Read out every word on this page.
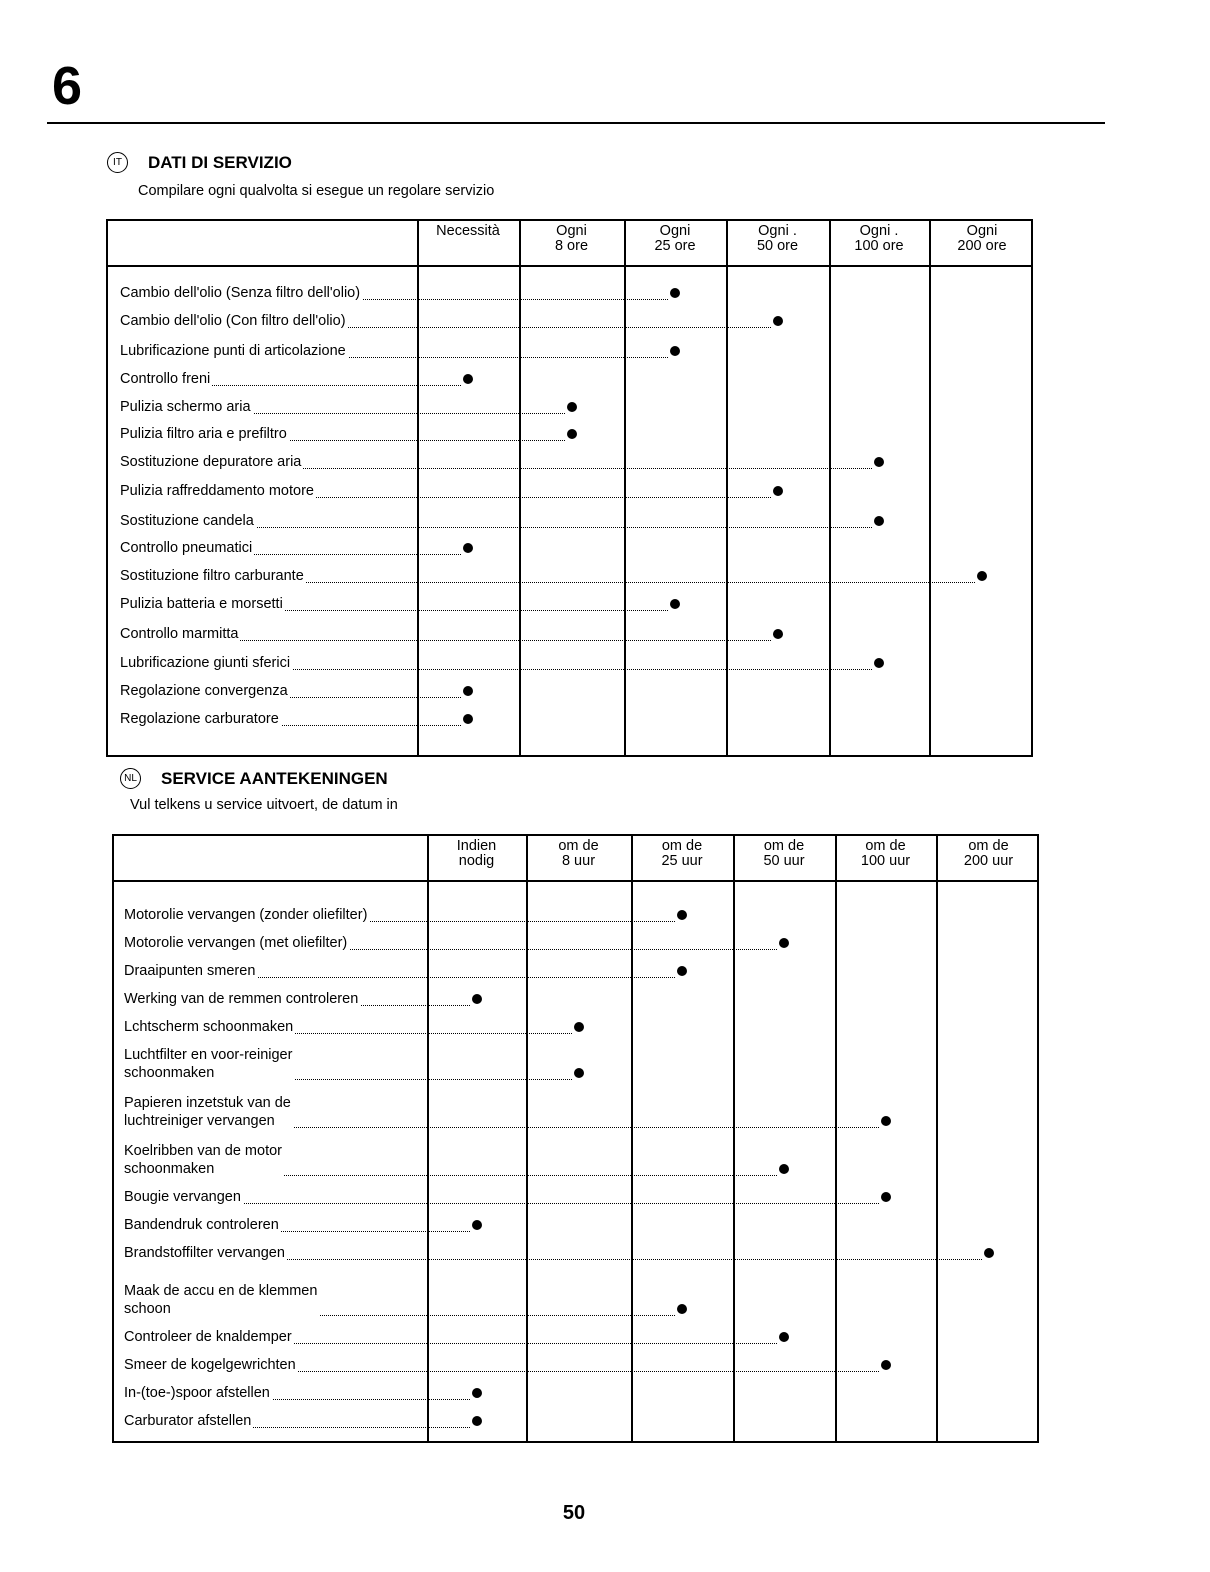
6
IT	DATI DI SERVIZIO
Compilare ogni qualvolta si esegue un regolare servizio
Necessità	Ogni
8 ore
Ogni
25 ore
Ogni .
50 ore
Ogni .
100 ore
Ogni
200 ore
Cambio dell'olio (Senza filtro dell'olio)
Cambio dell'olio (Con filtro dell'olio)
Lubrificazione punti di articolazione
Controllo freni
Pulizia schermo aria
Pulizia filtro aria e prefiltro
Sostituzione depuratore aria
Pulizia raffreddamento motore
Sostituzione candela
Controllo pneumatici
Sostituzione filtro carburante
Pulizia batteria e morsetti
Controllo marmitta
Lubrificazione giunti sferici
Regolazione convergenza
Regolazione carburatore
NL SERVICE AANTEKENINGEN
Vul telkens u service uitvoert, de datum in
Indien
nodig
om de
8 uur
om de
25 uur
om de
50 uur
om de
100 uur
om de
200 uur
Motorolie vervangen (zonder oliefilter)
Motorolie vervangen (met oliefilter)
Draaipunten smeren
Werking van de remmen controleren
Lchtscherm schoonmaken
Luchtfilter en voor-reiniger
schoonmaken
Papieren inzetstuk van de
luchtreiniger vervangen
Koelribben van de motor
schoonmaken
Bougie vervangen
Bandendruk controleren
Brandstoffilter vervangen
Maak de accu en de klemmen
schoon
Controleer de knaldemper
Smeer de kogelgewrichten
In-(toe-)spoor afstellen
Carburator afstellen
50
